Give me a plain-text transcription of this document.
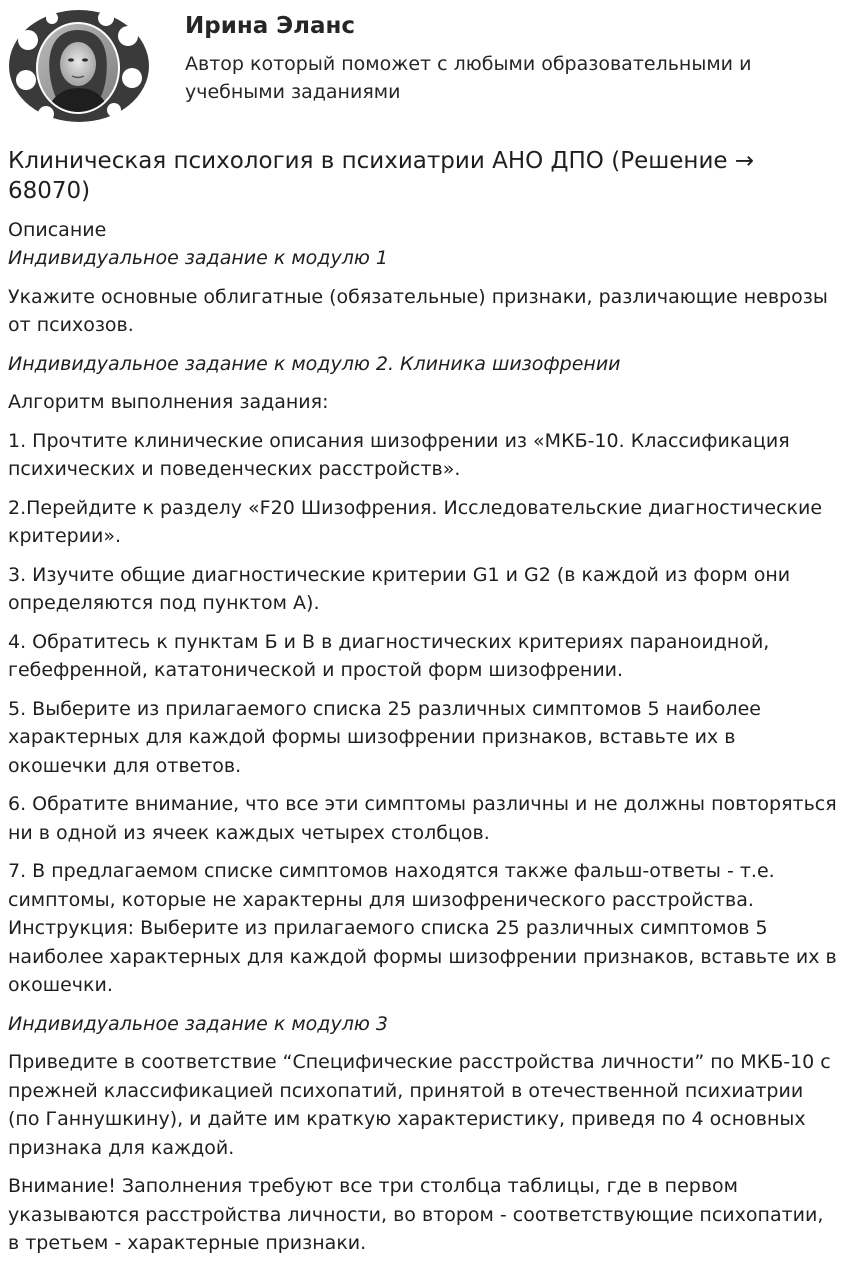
Ирина Эланс

Автор который поможет с любыми образовательными и учебными заданиями

Клиническая психология в психиатрии АНО ДПО (Решение → 68070)
Описание

Индивидуальное задание к модулю 1

Укажите основные облигатные (обязательные) признаки, различающие неврозы от психозов.

Индивидуальное задание к модулю 2. Клиника шизофрении

Алгоритм выполнения задания:

1. Прочтите клинические описания шизофрении из «МКБ-10. Классификация психических и поведенческих расстройств».

2.Перейдите к разделу «F20 Шизофрения. Исследовательские диагностические критерии».

3. Изучите общие диагностические критерии G1 и G2 (в каждой из форм они определяются под пунктом А).

4. Обратитесь к пунктам Б и В в диагностических критериях параноидной, гебефренной, кататонической и простой форм шизофрении.

5. Выберите из прилагаемого списка 25 различных симптомов 5 наиболее характерных для каждой формы шизофрении признаков, вставьте их в окошечки для ответов.

6. Обратите внимание, что все эти симптомы различны и не должны повторяться ни в одной из ячеек каждых четырех столбцов.

7. В предлагаемом списке симптомов находятся также фальш-ответы - т.е. симптомы, которые не характерны для шизофренического расстройства. Инструкция: Выберите из прилагаемого списка 25 различных симптомов 5 наиболее характерных для каждой формы шизофрении признаков, вставьте их в окошечки.

Индивидуальное задание к модулю 3

Приведите в соответствие “Специфические расстройства личности” по МКБ-10 с прежней классификацией психопатий, принятой в отечественной психиатрии (по Ганнушкину), и дайте им краткую характеристику, приведя по 4 основных признака для каждой.

Внимание! Заполнения требуют все три столбца таблицы, где в первом указываются расстройства личности, во втором - соответствующие психопатии, в третьем - характерные признаки.
